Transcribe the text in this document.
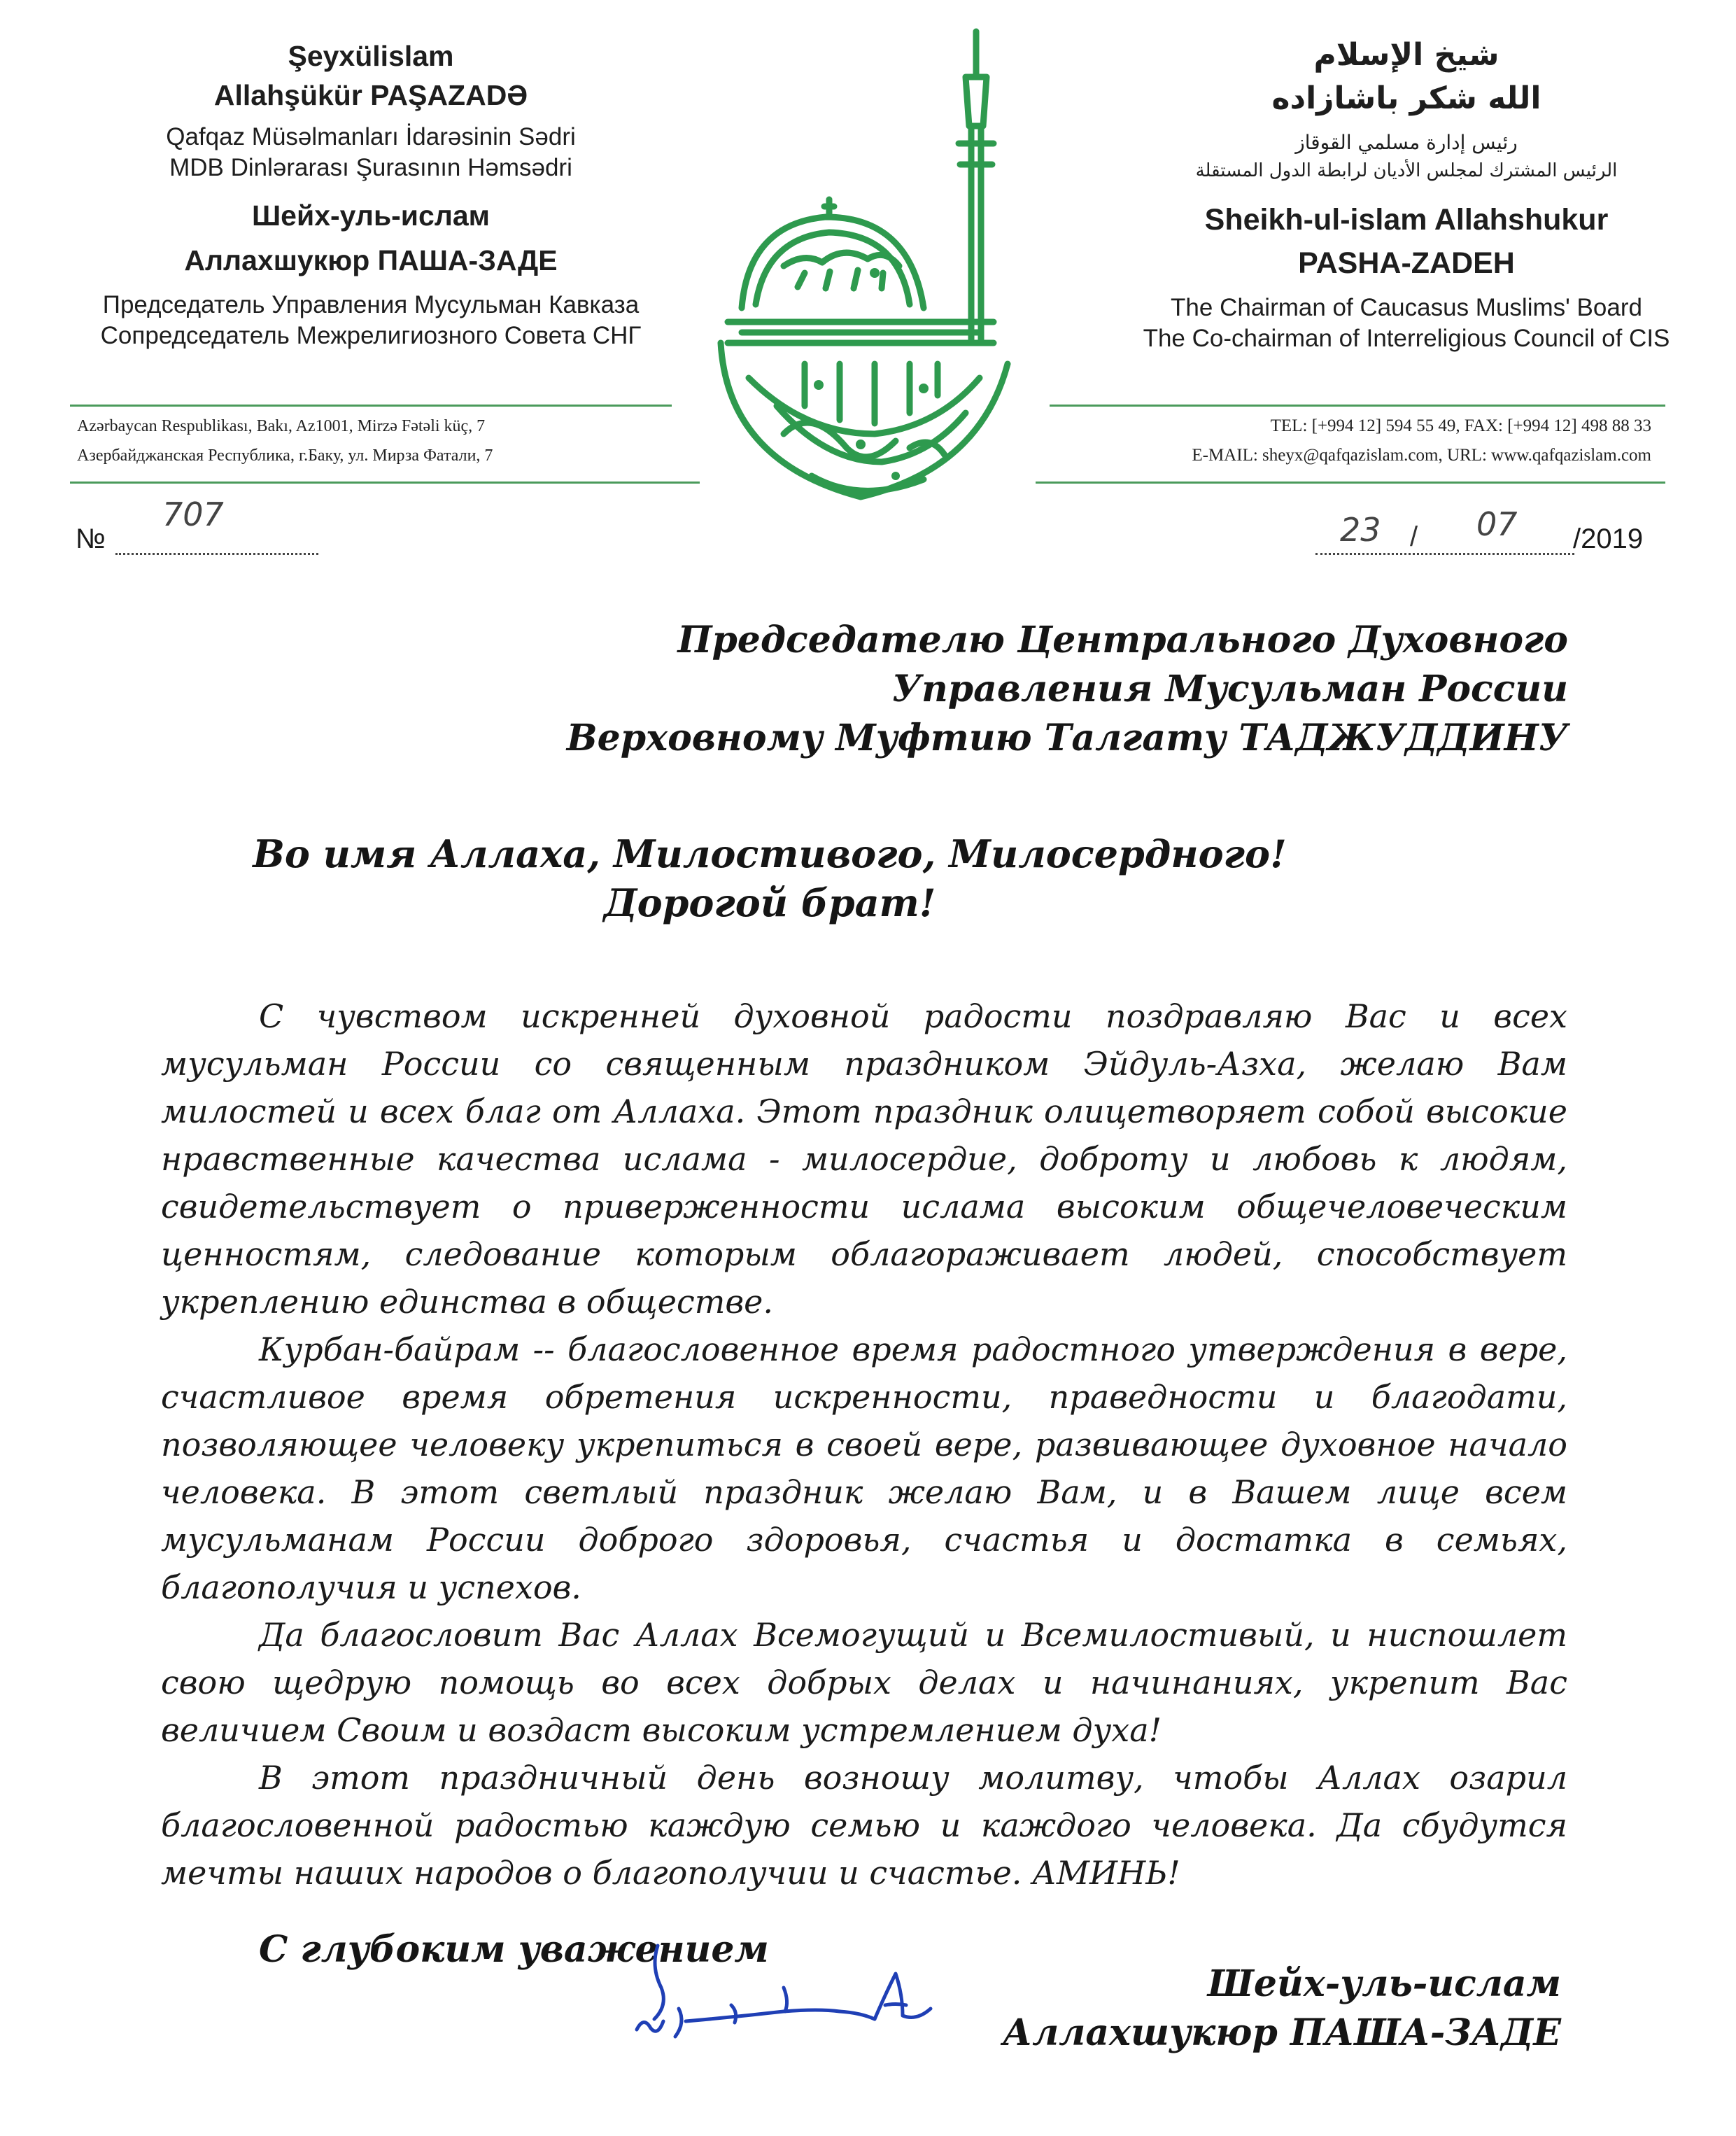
Şeyxülislam
Allahşükür PAŞAZADƏ
Qafqaz Müsəlmanları İdarəsinin Sədri
MDB Dinlərarası Şurasının Həmsədri
Шейх-уль-ислам
Аллахшукюр ПАША-ЗАДЕ
Председатель Управления Мусульман Кавказа
Сопредседатель Межрелигиозного Совета СНГ
Azərbaycan Respublikası, Bakı, Az1001, Mirzə Fətəli küç, 7
Азербайджанская Республика, г.Баку, ул. Мирза Фатали, 7
شيخ الإسلام
الله شكر باشازاده
رئيس إدارة مسلمي القوقاز
الرئيس المشترك لمجلس الأديان لرابطة الدول المستقلة
Sheikh-ul-islam Allahshukur
PASHA-ZADEH
The Chairman of Caucasus Muslims' Board
The Co-chairman of Interreligious Council of CIS
TEL: [+994 12] 594 55 49, FAX: [+994 12] 498 88 33
E-MAIL: sheyx@qafqazislam.com, URL: www.qafqazislam.com
№
707	23 / 07 /2019
Председателю Центрального Духовного
Управления Мусульман России
Верховному Муфтию Талгату ТАДЖУДДИНУ
Во имя Аллаха, Милостивого, Милосердного!
Дорогой брат!

С чувством искренней духовной радости поздравляю Вас и всех мусульман России со священным праздником Эйдуль-Азха, желаю Вам милостей и всех благ от Аллаха. Этот праздник олицетворяет собой высокие нравственные качества ислама - милосердие, доброту и любовь к людям, свидетельствует о приверженности ислама высоким общечеловеческим ценностям, следование которым облагораживает людей, способствует укреплению единства в обществе.

Курбан-байрам -- благословенное время радостного утверждения в вере, счастливое время обретения искренности, праведности и благодати, позволяющее человеку укрепиться в своей вере, развивающее духовное начало человека. В этот светлый праздник желаю Вам, и в Вашем лице всем мусульманам России доброго здоровья, счастья и достатка в семьях, благополучия и успехов.

Да благословит Вас Аллах Всемогущий и Всемилостивый, и ниспошлет свою щедрую помощь во всех добрых делах и начинаниях, укрепит Вас величием Своим и воздаст высоким устремлением духа!

В этот праздничный день возношу молитву, чтобы Аллах озарил благословенной радостью каждую семью и каждого человека. Да сбудутся мечты наших народов о благополучии и счастье. АМИНЬ!

С глубоким уважением
Шейх-уль-ислам
Аллахшукюр ПАША-ЗАДЕ
